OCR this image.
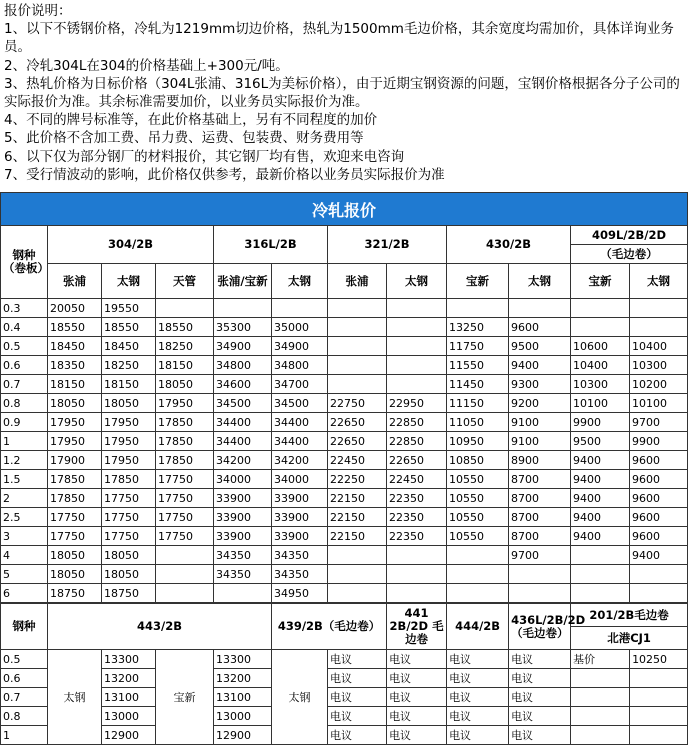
报价说明：
1、以下不锈钢价格，冷轧为1219mm切边价格，热轧为1500mm毛边价格，其余宽度均需加价，具体详询业务员。
2、冷轧304L在304的价格基础上+300元/吨。
3、热轧价格为日标价格（304L张浦、316L为美标价格），由于近期宝钢资源的问题，宝钢价格根据各分子公司的实际报价为准。其余标准需要加价，以业务员实际报价为准。
4、不同的牌号标准等，在此价格基础上，另有不同程度的加价
5、此价格不含加工费、吊力费、运费、包装费、财务费用等
6、以下仅为部分钢厂的材料报价，其它钢厂均有售，欢迎来电咨询
7、受行情波动的影响，此价格仅供参考，最新价格以业务员实际报价为准
冷轧报价											
钢种（卷板）	304/2B			316L/2B		321/2B		430/2B		409L/2B/2D	
										（毛边卷）	
	张浦	太钢	天管	张浦/宝新	太钢	张浦	太钢	宝新	太钢	宝新	太钢
0.3	20050	19550									
0.4	18550	18550	18550	35300	35000			13250	9600		
0.5	18450	18450	18250	34900	34900			11750	9500	10600	10400
0.6	18350	18250	18150	34800	34800			11550	9400	10400	10300
0.7	18150	18150	18050	34600	34700			11450	9300	10300	10200
0.8	18050	18050	17950	34500	34500	22750	22950	11150	9200	10100	10100
0.9	17950	17950	17850	34400	34400	22650	22850	11050	9100	9900	9700
1	17950	17950	17850	34400	34400	22650	22850	10950	9100	9500	9900
1.2	17900	17950	17850	34200	34200	22450	22650	10850	8900	9400	9600
1.5	17850	17850	17750	34000	34000	22250	22450	10550	8700	9400	9600
2	17850	17750	17750	33900	33900	22150	22350	10550	8700	9400	9600
2.5	17750	17750	17750	33900	33900	22150	22350	10550	8700	9400	9600
3	17750	17750	17750	33900	33900	22150	22350	10550	8700	9400	9600
4	18050	18050		34350	34350				9700		9400
5	18050	18050		34350	34350						
6	18750	18750			34950						
钢种	443/2B				439/2B（毛边卷）		441 2B/2D 毛边卷	444/2B	436L/2B/2D（毛边卷）	201/2B毛边卷	
										北港CJ1	
0.5	太钢	13300	宝新	13300	太钢	电议	电议	电议	电议	基价	10250
0.6		13200		13200		电议	电议	电议	电议		
0.7		13100		13100		电议	电议	电议	电议		
0.8		13000		13000		电议	电议	电议	电议		
1		12900		12900		电议	电议	电议	电议		
